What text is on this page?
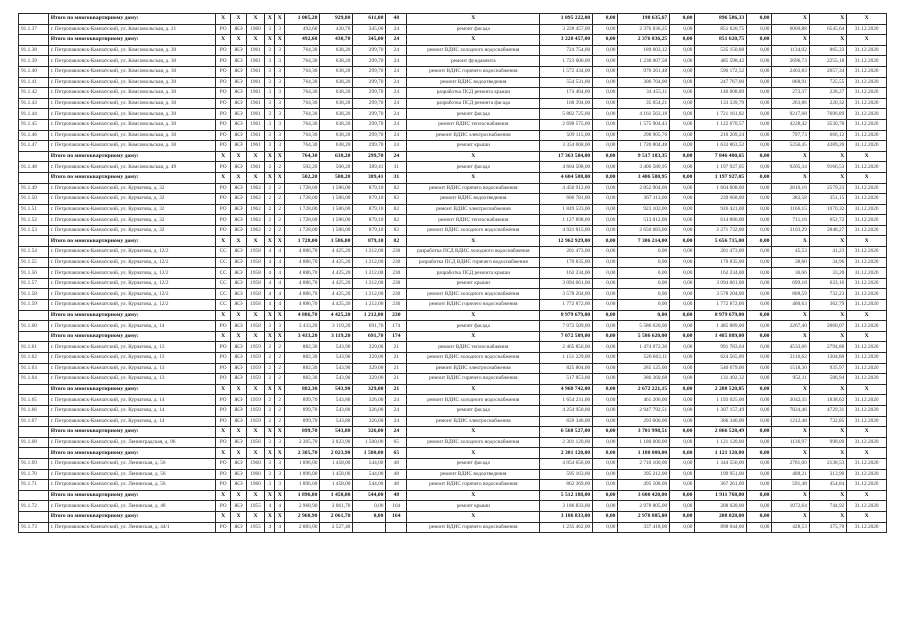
	Итого по многоквартирному дому:	X	X	X	X	X	1 005,20	929,80	611,00	48	X	1 095 222,00	0,00	198 635,67	0,00	896 586,33	0,00	X	X	X
91.1.37	г. Петропавловск-Камчатский, ул. Комсомольская, д. 21	РО	ЖЭ	1960	3	3	492,60	430,70	345,00	24	ремонт фасада	3 228 457,00	0,00	2 376 836,25	0,00	851 620,75	0,00	6060,88	6545,64	31.12.2020
	Итого по многоквартирному дому:	X	X	X	X	X	492,60	430,70	345,00	24	X	3 228 457,00	0,00	2 376 836,25	0,00	851 620,75	0,00	X	X	X
91.1.38	г. Петропавловск-Камчатский, ул. Комсомольская, д. 30	РО	ЖЭ	1961	3	3	764,30	638,20	299,70	24	ремонт ВДИС холодного водоснабжения	724 754,00	0,00	189 603,12	0,00	535 150,88	0,00	1134,02	865,33	31.12.2020
91.1.39	г. Петропавловск-Камчатский, ул. Комсомольская, д. 30	РО	ЖЭ	1961	3	3	764,30	638,20	299,70	24	ремонт фундамента	1 723 606,00	0,00	1 238 007,58	0,00	485 598,42	0,00	2696,73	2255,18	31.12.2020
91.1.40	г. Петропавловск-Камчатский, ул. Комсомольская, д. 30	РО	ЖЭ	1961	3	3	764,30	638,20	299,70	24	ремонт ВДИС горячего водоснабжения	1 572 434,00	0,00	976 261,48	0,00	596 172,52	0,00	2463,83	2057,34	31.12.2020
91.1.41	г. Петропавловск-Камчатский, ул. Комсомольская, д. 30	РО	ЖЭ	1961	3	3	764,30	638,20	299,70	24	ремонт ВДИС водоотведения	554 531,00	0,00	306 764,00	0,00	247 767,00	0,00	868,91	725,55	31.12.2020
91.1.42	г. Петропавловск-Камчатский, ул. Комсомольская, д. 30	РО	ЖЭ	1961	3	3	764,30	638,20	299,70	24	разработка ПСД ремонта крыши	174 464,00	0,00	34 455,11	0,00	140 008,89	0,00	273,37	228,27	31.12.2020
91.1.43	г. Петропавловск-Камчатский, ул. Комсомольская, д. 30	РО	ЖЭ	1961	3	3	764,30	638,20	299,70	24	разработка ПСД ремонта фасада	168 394,00	0,00	35 054,21	0,00	133 339,79	0,00	263,86	220,32	31.12.2020
91.1.44	г. Петропавловск-Камчатский, ул. Комсомольская, д. 30	РО	ЖЭ	1961	3	3	764,30	638,20	299,70	24	ремонт фасада	5 882 725,00	0,00	4 161 563,18	0,00	1 721 161,82	0,00	9217,68	7696,89	31.12.2020
91.1.45	г. Петропавловск-Камчатский, ул. Комсомольская, д. 30	РО	ЖЭ	1961	3	3	764,30	638,20	299,70	24	ремонт ВДИС теплоснабжения	2 698 575,00	0,00	1 575 904,43	0,00	1 122 670,57	0,00	4228,42	3530,78	31.12.2020
91.1.46	г. Петропавловск-Камчатский, ул. Комсомольская, д. 30	РО	ЖЭ	1961	3	3	764,30	638,20	299,70	24	ремонт ВДИС электроснабжения	509 115,00	0,00	298 905,76	0,00	210 209,24	0,00	797,73	666,12	31.12.2020
91.1.47	г. Петропавловск-Камчатский, ул. Комсомольская, д. 30	РО	ЖЭ	1961	3	3	764,30	638,20	299,70	24	ремонт крыши	3 354 668,00	0,00	1 720 804,48	0,00	1 633 863,52	0,00	5256,45	4389,20	31.12.2020
	Итого по многоквартирному дому:	X	X	X	X	X	764,30	638,20	299,70	24	X	17 363 584,00	0,00	9 517 183,35	0,00	7 846 400,65	0,00	X	X	X
91.1.48	г. Петропавловск-Камчатский, ул. Комсомольская, д. 49	РО	ЖЭ	1961	2	2	502,20	500,20	389,41	31	ремонт фасада	4 604 508,00	0,00	3 406 580,95	0,00	1 197 927,05	0,00	9205,34	9166,53	31.12.2020
	Итого по многоквартирному дому:	X	X	X	X	X	502,20	500,20	389,41	31	X	4 604 508,00	0,00	3 406 580,95	0,00	1 197 927,05	0,00	X	X	X
91.1.49	г. Петропавловск-Камчатский, ул. Курчатова, д. 32	РО	ЖЭ	1962	2	2	1 728,00	1 586,00	879,10	82	ремонт ВДИС горячего водоснабжения	4 456 912,00	0,00	2 852 904,00	0,00	1 604 008,00	0,00	2810,16	2579,23	31.12.2020
91.1.50	г. Петропавловск-Камчатский, ул. Курчатова, д. 32	РО	ЖЭ	1962	2	2	1 728,00	1 586,00	879,10	82	ремонт ВДИС водоотведения	606 781,00	0,00	367 113,00	0,00	239 668,00	0,00	382,58	351,15	31.12.2020
91.1.51	г. Петропавловск-Камчатский, ул. Курчатова, д. 32	РО	ЖЭ	1962	2	2	1 728,00	1 586,00	879,10	82	ремонт ВДИС электроснабжения	1 849 523,00	0,00	923 102,00	0,00	926 421,00	0,00	1166,15	1070,32	31.12.2020
91.1.52	г. Петропавловск-Камчатский, ул. Курчатова, д. 32	РО	ЖЭ	1962	2	2	1 728,00	1 586,00	879,10	82	ремонт ВДИС теплоснабжения	1 127 898,00	0,00	513 012,00	0,00	614 886,00	0,00	711,16	652,72	31.12.2020
91.1.53	г. Петропавловск-Камчатский, ул. Курчатова, д. 32	РО	ЖЭ	1962	2	2	1 728,00	1 586,00	879,10	82	ремонт ВДИС холодного водоснабжения	4 921 815,00	0,00	2 650 083,00	0,00	2 271 732,00	0,00	3103,29	2848,27	31.12.2020
	Итого по многоквартирному дому:	X	X	X	X	X	1 728,00	1 586,00	879,10	82	X	12 962 929,00	0,00	7 306 214,00	0,00	5 656 715,00	0,00	X	X	X
91.1.54	г. Петропавловск-Камчатский, ул. Курчатова, д. 12/2	СС	ЖЭ	1958	4	4	4 886,70	4 425,20	1 212,00	230	разработка ПСД ВДИС холодного водоснабжения	201 473,00	0,00	0,00	0,00	201 473,00	0,00	45,53	41,23	31.12.2020
91.1.55	г. Петропавловск-Камчатский, ул. Курчатова, д. 12/2	СС	ЖЭ	1958	4	4	4 886,70	4 425,20	1 212,00	230	разработка ПСД ВДИС горячего водоснабжения	170 835,00	0,00	0,00	0,00	170 835,00	0,00	38,60	34,96	31.12.2020
91.1.56	г. Петропавловск-Камчатский, ул. Курчатова, д. 12/2	СС	ЖЭ	1958	4	4	4 886,70	4 425,20	1 212,00	230	разработка ПСД ремонта крыши	162 234,00	0,00	0,00	0,00	162 234,00	0,00	36,66	33,20	31.12.2020
91.1.57	г. Петропавловск-Камчатский, ул. Курчатова, д. 12/2	СС	ЖЭ	1958	4	4	4 886,70	4 425,20	1 212,00	230	ремонт крыши	3 094 061,00	0,00	0,00	0,00	3 094 061,00	0,00	699,18	633,16	31.12.2020
91.1.58	г. Петропавловск-Камчатский, ул. Курчатова, д. 12/2	СС	ЖЭ	1958	4	4	4 886,70	4 425,20	1 212,00	230	ремонт ВДИС холодного водоснабжения	3 578 204,00	0,00	0,00	0,00	3 578 204,00	0,00	808,59	732,23	31.12.2020
91.1.59	г. Петропавловск-Камчатский, ул. Курчатова, д. 12/2	СС	ЖЭ	1958	4	4	4 886,70	4 425,20	1 212,00	230	ремонт ВДИС горячего водоснабжения	1 772 872,00	0,00	0,00	0,00	1 772 872,00	0,00	400,63	362,79	31.12.2020
	Итого по многоквартирному дому:	X	X	X	X	X	4 886,70	4 425,20	1 212,00	230	X	8 979 679,00	0,00	0,00	0,00	8 979 679,00	0,00	X	X	X
91.1.60	г. Петропавловск-Камчатский, ул. Курчатова, д. 14	РО	ЖЭ	1958	3	3	3 433,20	3 119,20	691,70	174	ремонт фасада	7 072 509,00	0,00	5 586 620,00	0,00	1 485 889,00	0,00	2267,40	2060,07	31.12.2020
	Итого по многоквартирному дому:	X	X	X	X	X	3 433,20	3 119,20	691,70	174	X	7 072 509,00	0,00	5 586 620,00	0,00	1 485 889,00	0,00	X	X	X
91.1.61	г. Петропавловск-Камчатский, ул. Курчатова, д. 13	РО	ЖЭ	1959	2	2	882,30	543,90	329,00	21	ремонт ВДИС теплоснабжения	2 465 856,00	0,00	1 474 072,36	0,00	991 783,64	0,00	4533,66	2794,80	31.12.2020
91.1.62	г. Петропавловск-Камчатский, ул. Курчатова, д. 13	РО	ЖЭ	1959	2	2	882,30	543,90	329,00	21	ремонт ВДИС холодного водоснабжения	1 151 229,00	0,00	526 663,11	0,00	624 565,89	0,00	2116,62	1304,80	31.12.2020
91.1.63	г. Петропавловск-Камчатский, ул. Курчатова, д. 13	РО	ЖЭ	1959	2	2	882,30	543,90	329,00	21	ремонт ВДИС электроснабжения	825 804,00	0,00	285 125,00	0,00	540 679,00	0,00	1518,30	935,97	31.12.2020
91.1.64	г. Петропавловск-Камчатский, ул. Курчатова, д. 13	РО	ЖЭ	1959	2	2	882,30	543,90	329,00	21	ремонт ВДИС горячего водоснабжения	517 853,00	0,00	386 360,68	0,00	131 492,32	0,00	952,11	586,94	31.12.2020
	Итого по многоквартирному дому:	X	X	X	X	X	882,30	543,90	329,00	21	X	4 960 742,00	0,00	2 672 221,15	0,00	2 288 520,85	0,00	X	X	X
91.1.65	г. Петропавловск-Камчатский, ул. Курчатова, д. 14	РО	ЖЭ	1959	2	2	899,70	543,80	326,00	24	ремонт ВДИС холодного водоснабжения	1 654 231,00	0,00	461 206,00	0,00	1 193 025,00	0,00	3042,35	1838,62	31.12.2020
91.1.66	г. Петропавловск-Камчатский, ул. Курчатова, д. 14	РО	ЖЭ	1959	2	2	899,70	543,80	326,00	24	ремонт фасада	4 254 950,00	0,00	2 947 792,51	0,00	1 307 157,49	0,00	7824,46	4729,31	31.12.2020
91.1.67	г. Петропавловск-Камчатский, ул. Курчатова, д. 14	РО	ЖЭ	1959	2	2	899,70	543,80	326,00	24	ремонт ВДИС электроснабжения	659 346,00	0,00	293 000,00	0,00	366 346,00	0,00	1212,48	732,85	31.12.2020
	Итого по многоквартирному дому:	X	X	X	X	X	899,70	543,80	326,00	24	X	6 568 527,00	0,00	3 701 998,51	0,00	2 866 528,49	0,00	X	X	X
91.1.68	г. Петропавловск-Камчатский, ул. Ленинградская, д. 96	РО	ЖЭ	1956	3	3	2 305,70	2 023,90	1 500,00	65	ремонт ВДИС холодного водоснабжения	2 301 120,00	0,00	1 180 000,00	0,00	1 121 120,00	0,00	1136,97	998,00	31.12.2020
	Итого по многоквартирному дому:	X	X	X	X	X	2 305,70	2 023,90	1 500,00	65	X	2 301 120,00	0,00	1 180 000,00	0,00	1 121 120,00	0,00	X	X	X
91.1.69	г. Петропавловск-Камчатский, ул. Ленинская, д. 56	РО	ЖЭ	1960	3	3	1 896,00	1 458,00	544,00	48	ремонт фасада	4 054 656,00	0,00	2 710 100,00	0,00	1 344 556,00	0,00	2781,00	2138,53	31.12.2020
91.1.70	г. Петропавловск-Камчатский, ул. Ленинская, д. 56	РО	ЖЭ	1960	3	3	1 896,00	1 458,00	544,00	48	ремонт ВДИС водоотведения	595 163,00	0,00	395 212,00	0,00	199 951,00	0,00	408,21	313,90	31.12.2020
91.1.71	г. Петропавловск-Камчатский, ул. Ленинская, д. 56	РО	ЖЭ	1960	3	3	1 896,00	1 458,00	544,00	48	ремонт ВДИС горячего водоснабжения	862 369,00	0,00	495 108,00	0,00	367 261,00	0,00	591,48	454,84	31.12.2020
	Итого по многоквартирному дому:	X	X	X	X	X	1 896,00	1 458,00	544,00	48	X	5 512 188,00	0,00	3 600 420,00	0,00	1 911 768,00	0,00	X	X	X
91.1.72	г. Петропавловск-Камчатский, ул. Ленинская, д. 48	РО	ЖЭ	1955	4	4	2 968,90	2 061,70	0,00	164	ремонт крыши	3 186 833,00	0,00	2 978 805,00	0,00	208 028,00	0,00	1072,64	744,92	31.12.2020
	Итого по многоквартирному дому:	X	X	X	X	X	2 968,90	2 061,70	0,00	164	X	3 186 833,00	0,00	2 978 805,00	0,00	208 028,00	0,00	X	X	X
91.1.73	г. Петропавловск-Камчатский, ул. Ленинская, д. 44/1	РО	ЖЭ	1955	4	4	2 883,00	2 527,40			ремонт ВДИС горячего водоснабжения	1 235 462,00	0,00	337 418,00	0,00	898 044,00	0,00	428,53	375,70	31.12.2020
